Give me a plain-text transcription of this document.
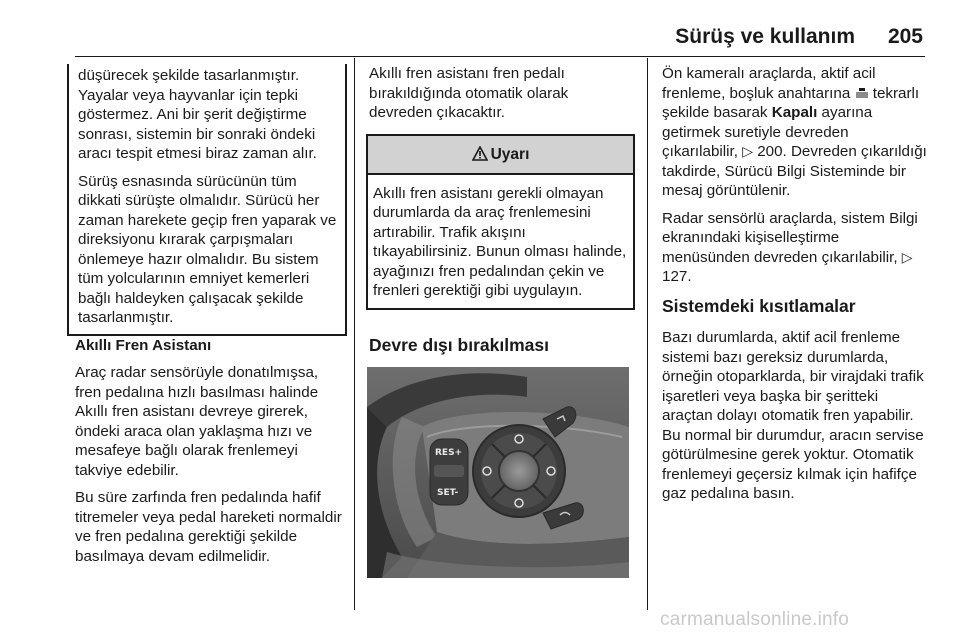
Sürüş ve kullanım 205

düşürecek şekilde tasarlanmıştır. Yayalar veya hayvanlar için tepki göstermez. Ani bir şerit değiştirme sonrası, sistemin bir sonraki öndeki aracı tespit etmesi biraz zaman alır.

Sürüş esnasında sürücünün tüm dikkati sürüşte olmalıdır. Sürücü her zaman harekete geçip fren yaparak ve direksiyonu kırarak çarpışmaları önlemeye hazır olmalıdır. Bu sistem tüm yolcularının emniyet kemerleri bağlı haldeyken çalışacak şekilde tasarlanmıştır.

Akıllı Fren Asistanı

Araç radar sensörüyle donatılmışsa, fren pedalına hızlı basılması halinde Akıllı fren asistanı devreye girerek, öndeki araca olan yaklaşma hızı ve mesafeye bağlı olarak frenlemeyi takviye edebilir.

Bu süre zarfında fren pedalında hafif titremeler veya pedal hareketi normaldir ve fren pedalına gerektiği şekilde basılmaya devam edilmelidir.

Akıllı fren asistanı fren pedalı bırakıldığında otomatik olarak devreden çıkacaktır.

Uyarı
Akıllı fren asistanı gerekli olmayan durumlarda da araç frenlemesini artırabilir. Trafik akışını tıkayabilirsiniz. Bunun olması halinde, ayağınızı fren pedalından çekin ve frenleri gerektiği gibi uygulayın.
Devre dışı bırakılması
RES+
SET-

Ön kameralı araçlarda, aktif acil frenleme, boşluk anahtarına  tekrarlı şekilde basarak Kapalı ayarına getirmek suretiyle devreden çıkarılabilir, ▷ 200. Devreden çıkarıldığı takdirde, Sürücü Bilgi Sisteminde bir mesaj görüntülenir.

Radar sensörlü araçlarda, sistem Bilgi ekranındaki kişiselleştirme menüsünden devreden çıkarılabilir, ▷ 127.

Sistemdeki kısıtlamalar

Bazı durumlarda, aktif acil frenleme sistemi bazı gereksiz durumlarda, örneğin otoparklarda, bir virajdaki trafik işaretleri veya başka bir şeritteki araçtan dolayı otomatik fren yapabilir. Bu normal bir durumdur, aracın servise götürülmesine gerek yoktur. Otomatik frenlemeyi geçersiz kılmak için hafifçe gaz pedalına basın.

carmanualsonline.info
